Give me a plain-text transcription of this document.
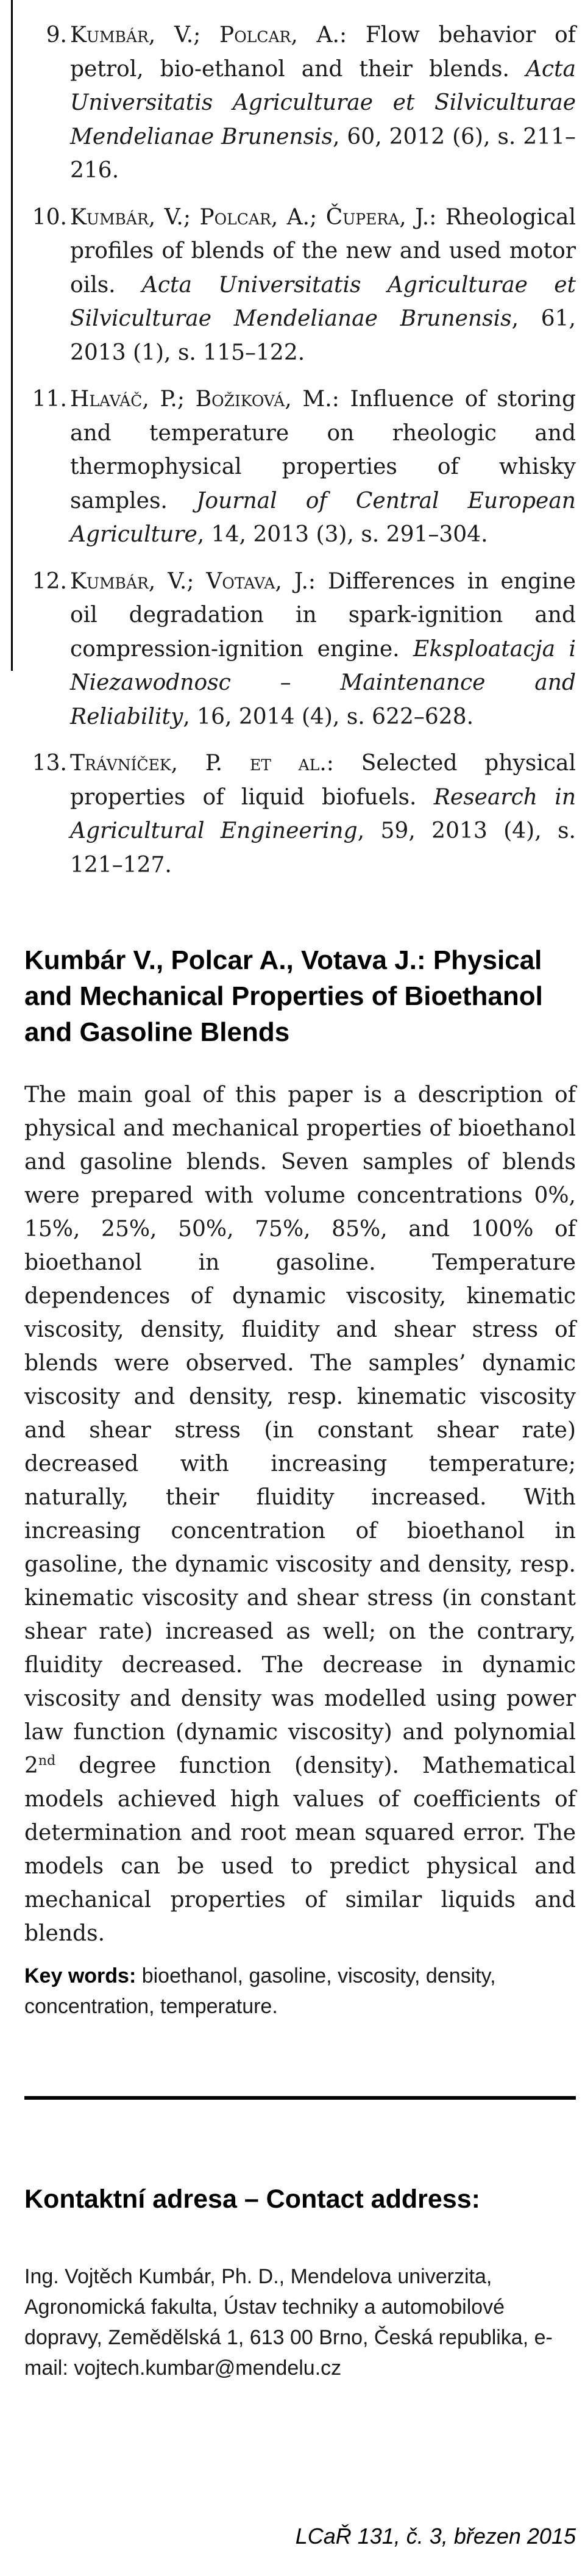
9. Kumbár, V.; Polcar, A.: Flow behavior of petrol, bio-ethanol and their blends. Acta Universitatis Agriculturae et Silviculturae Mendelianae Brunensis, 60, 2012 (6), s. 211–216.
10. Kumbár, V.; Polcar, A.; Čupera, J.: Rheological profiles of blends of the new and used motor oils. Acta Universitatis Agriculturae et Silviculturae Mendelianae Brunensis, 61, 2013 (1), s. 115–122.
11. Hlaváč, P.; Božiková, M.: Influence of storing and temperature on rheologic and thermophysical properties of whisky samples. Journal of Central European Agriculture, 14, 2013 (3), s. 291–304.
12. Kumbár, V.; Votava, J.: Differences in engine oil degradation in spark-ignition and compression-ignition engine. Eksploatacja i Niezawodnosc – Maintenance and Reliability, 16, 2014 (4), s. 622–628.
13. Trávníček, P. et al.: Selected physical properties of liquid biofuels. Research in Agricultural Engineering, 59, 2013 (4), s. 121–127.
Kumbár V., Polcar A., Votava J.: Physical and Mechanical Properties of Bioethanol and Gasoline Blends

The main goal of this paper is a description of physical and mechanical properties of bioethanol and gasoline blends. Seven samples of blends were prepared with volume concentrations 0%, 15%, 25%, 50%, 75%, 85%, and 100% of bioethanol in gasoline. Temperature dependences of dynamic viscosity, kinematic viscosity, density, fluidity and shear stress of blends were observed. The samples’ dynamic viscosity and density, resp. kinematic viscosity and shear stress (in constant shear rate) decreased with increasing temperature; naturally, their fluidity increased. With increasing concentration of bioethanol in gasoline, the dynamic viscosity and density, resp. kinematic viscosity and shear stress (in constant shear rate) increased as well; on the contrary, fluidity decreased. The decrease in dynamic viscosity and density was modelled using power law function (dynamic viscosity) and polynomial 2nd degree function (density). Mathematical models achieved high values of coefficients of determination and root mean squared error. The models can be used to predict physical and mechanical properties of similar liquids and blends.

Key words: bioethanol, gasoline, viscosity, density, concentration, temperature.

Kontaktní adresa – Contact address:

Ing. Vojtěch Kumbár, Ph. D., Mendelova univerzita, Agronomická fakulta, Ústav techniky a automobilové dopravy, Zemědělská 1, 613 00 Brno, Česká republika, e-mail: vojtech.kumbar@mendelu.cz

LCaŘ 131, č. 3, březen 2015
